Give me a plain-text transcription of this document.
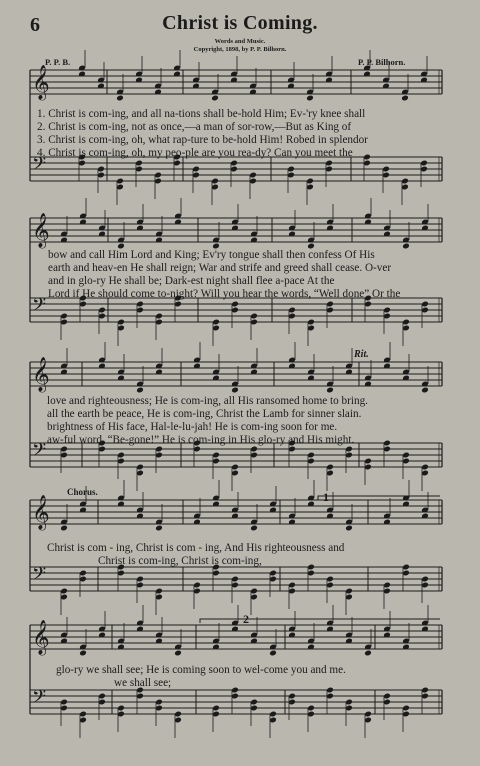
𝄞
𝄢
𝄞
𝄢
𝄞
𝄢
𝄞
𝄢
𝄞
𝄢
6	Christ is Coming.
Words and Music.
Copyright, 1898, by P. P. Bilhorn.
P. P. B.	P. P. Bilhorn.
1. Christ is com-ing, and all na-tions shall be-hold Him; Ev-'ry knee shall
2. Christ is com-ing, not as once,—a man of sor-row,—But as King of
3. Christ is com-ing, oh, what rap-ture to be-hold Him! Robed in splendor
4. Christ is com-ing, oh, my peo-ple are you rea-dy? Can you meet the
bow and call Him Lord and King; Ev'ry tongue shall then confess Of His
earth and heav-en He shall reign; War and strife and greed shall cease. O-ver
and in glo-ry He shall be; Dark-est night shall flee a-pace At the
Lord if He should come to-night? Will you hear the words, “Well done” Or the
Rit.
love and righteousness; He is com-ing, all His ransomed home to bring.
all the earth be peace, He is com-ing, Christ the Lamb for sinner slain.
brightness of His face, Hal-le-lu-jah! He is com-ing soon for me.
aw-ful word, “Be-gone!” He is com-ing in His glo-ry and His might.
Chorus.	1
Christ is com - ing, Christ is com - ing, And His righteousness and
Christ is com-ing, Christ is com-ing,
2
glo-ry we shall see; He is coming soon to wel-come you and me.
we shall see;
